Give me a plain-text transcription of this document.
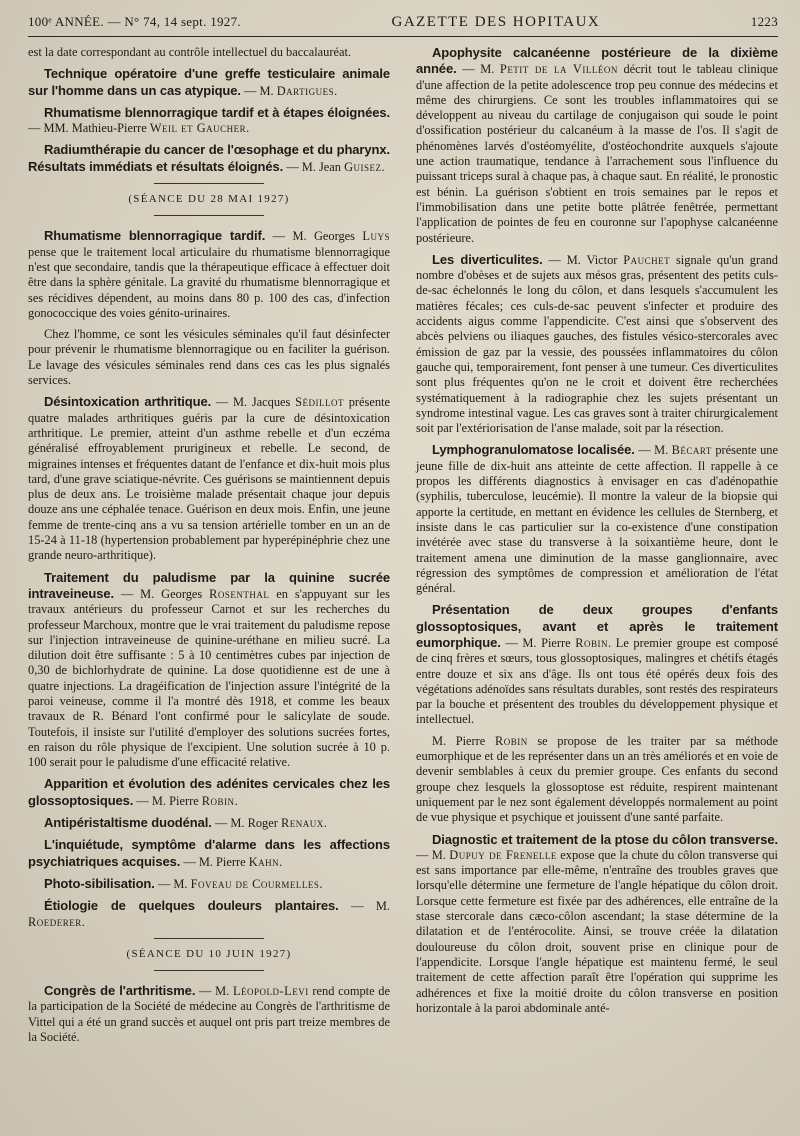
100ᵉ ANNÉE. — N° 74, 14 sept. 1927.	GAZETTE DES HOPITAUX	1223

est la date correspondant au contrôle intellectuel du baccalauréat.

Technique opératoire d'une greffe testiculaire animale sur l'homme dans un cas atypique. — M. Dartigues.

Rhumatisme blennorragique tardif et à étapes éloignées. — MM. Mathieu-Pierre Weil et Gaucher.

Radiumthérapie du cancer de l'œsophage et du pharynx. Résultats immédiats et résultats éloignés. — M. Jean Guisez.

(SÉANCE DU 28 MAI 1927)

Rhumatisme blennorragique tardif. — M. Georges Luys pense que le traitement local articulaire du rhumatisme blennorragique n'est que secondaire, tandis que la thérapeutique efficace à effectuer doit être dans la sphère génitale. La gravité du rhumatisme blennorragique et ses récidives dépendent, au moins dans 80 p. 100 des cas, d'infection gonococcique des voies génito-urinaires.

Chez l'homme, ce sont les vésicules séminales qu'il faut désinfecter pour prévenir le rhumatisme blennorragique ou en faciliter la guérison. Le lavage des vésicules séminales rend dans ces cas les plus signalés services.

Désintoxication arthritique. — M. Jacques Sédillot présente quatre malades arthritiques guéris par la cure de désintoxication arthritique. Le premier, atteint d'un asthme rebelle et d'un eczéma généralisé effroyablement prurigineux et rebelle. Le second, de migraines intenses et fréquentes datant de l'enfance et dix-huit mois plus tard, d'une grave sciatique-névrite. Ces guérisons se maintiennent depuis plus de deux ans. Le troisième malade présentait chaque jour depuis douze ans une céphalée tenace. Guérison en deux mois. Enfin, une jeune femme de trente-cinq ans a vu sa tension artérielle tomber en un an de 15-24 à 11-18 (hypertension probablement par hyperépinéphrie chez une grande neuro-arthritique).

Traitement du paludisme par la quinine sucrée intraveineuse. — M. Georges Rosenthal en s'appuyant sur les travaux antérieurs du professeur Carnot et sur les recherches du professeur Marchoux, montre que le vrai traitement du paludisme repose sur l'injection intraveineuse de quinine-uréthane en milieu sucré. La dilution doit être suffisante : 5 à 10 centimètres cubes par injection de 0,30 de bichlorhydrate de quinine. La dose quotidienne est de une à quatre injections. La dragéification de l'injection assure l'intégrité de la paroi veineuse, comme il l'a montré dès 1918, et comme les beaux travaux de R. Bénard l'ont confirmé pour le salicylate de soude. Toutefois, il insiste sur l'utilité d'employer des solutions sucrées fortes, en raison du rôle physique de l'excipient. Une solution sucrée à 10 p. 100 serait pour le paludisme d'une efficacité relative.

Apparition et évolution des adénites cervicales chez les glossoptosiques. — M. Pierre Robin.

Antipéristaltisme duodénal. — M. Roger Renaux.

L'inquiétude, symptôme d'alarme dans les affections psychiatriques acquises. — M. Pierre Kahn.

Photo-sibilisation. — M. Foveau de Courmelles.

Étiologie de quelques douleurs plantaires. — M. Roederer.

(SÉANCE DU 10 JUIN 1927)

Congrès de l'arthritisme. — M. Léopold-Levi rend compte de la participation de la Société de médecine au Congrès de l'arthritisme de Vittel qui a été un grand succès et auquel ont pris part treize membres de la Société.

Apophysite calcanéenne postérieure de la dixième année. — M. Petit de la Villéon décrit tout le tableau clinique d'une affection de la petite adolescence trop peu connue des médecins et même des chirurgiens. Ce sont les troubles inflammatoires qui se développent au niveau du cartilage de conjugaison qui soude le point d'ossification postérieur du calcanéum à la masse de l'os. Il s'agit de phénomènes larvés d'ostéomyélite, d'ostéochondrite auxquels s'ajoute une action traumatique, tendance à l'arrachement sous l'influence du puissant triceps sural à chaque pas, à chaque saut. En réalité, le pronostic est bénin. La guérison s'obtient en trois semaines par le repos et l'immobilisation dans une petite botte plâtrée fenêtrée, permettant l'application de pointes de feu en couronne sur l'apophyse calcanéenne postérieure.

Les diverticulites. — M. Victor Pauchet signale qu'un grand nombre d'obèses et de sujets aux mésos gras, présentent des petits culs-de-sac échelonnés le long du côlon, et dans lesquels s'accumulent les matières fécales; ces culs-de-sac peuvent s'infecter et produire des accidents aigus comme l'appendicite. C'est ainsi que s'observent des abcès pelviens ou iliaques gauches, des fistules vésico-stercorales avec émission de gaz par la vessie, des poussées inflammatoires du côlon gauche qui, temporairement, font penser à une tumeur. Ces diverticulites sont plus fréquentes qu'on ne le croit et doivent être recherchées systématiquement à la radiographie chez les sujets présentant un syndrome intestinal vague. Les cas graves sont à traiter chirurgicalement soit par l'extériorisation de l'anse malade, soit par la résection.

Lymphogranulomatose localisée. — M. Bécart présente une jeune fille de dix-huit ans atteinte de cette affection. Il rappelle à ce propos les différents diagnostics à envisager en cas d'adénopathie (syphilis, tuberculose, leucémie). Il montre la valeur de la biopsie qui apporte la certitude, en mettant en évidence les cellules de Sternberg, et insiste dans le cas particulier sur la co-existence d'une constipation invétérée avec stase du transverse à la soixantième heure, dont le traitement amena une diminution de la masse ganglionnaire, avec régression des symptômes de compression et amélioration de l'état général.

Présentation de deux groupes d'enfants glossoptosiques, avant et après le traitement eumorphique. — M. Pierre Robin. Le premier groupe est composé de cinq frères et sœurs, tous glossoptosiques, malingres et chétifs étagés entre douze et six ans d'âge. Ils ont tous été opérés deux fois des végétations adénoïdes sans résultats durables, sont restés des respirateurs par la bouche et présentent des troubles du développement physique et intellectuel.

M. Pierre Robin se propose de les traiter par sa méthode eumorphique et de les représenter dans un an très améliorés et en voie de devenir semblables à ceux du premier groupe. Ces enfants du second groupe chez lesquels la glossoptose est réduite, respirent maintenant uniquement par le nez sont également développés normalement au point de vue physique et psychique et jouissent d'une santé parfaite.

Diagnostic et traitement de la ptose du côlon transverse. — M. Dupuy de Frenelle expose que la chute du côlon transverse qui est sans importance par elle-même, n'entraîne des troubles graves que lorsqu'elle détermine une fermeture de l'angle hépatique du côlon droit. Lorsque cette fermeture est fixée par des adhérences, elle entraîne de la stase stercorale dans cæco-côlon ascendant; la stase détermine de la dilatation et de l'entérocolite. Ainsi, se trouve créée la dilatation douloureuse du côlon droit, souvent prise en clinique pour de l'appendicite. Lorsque l'angle hépatique est maintenu fermé, le seul traitement de cette affection paraît être l'opération qui supprime les adhérences et fixe la moitié droite du côlon transverse en position horizontale à la paroi abdominale anté-
